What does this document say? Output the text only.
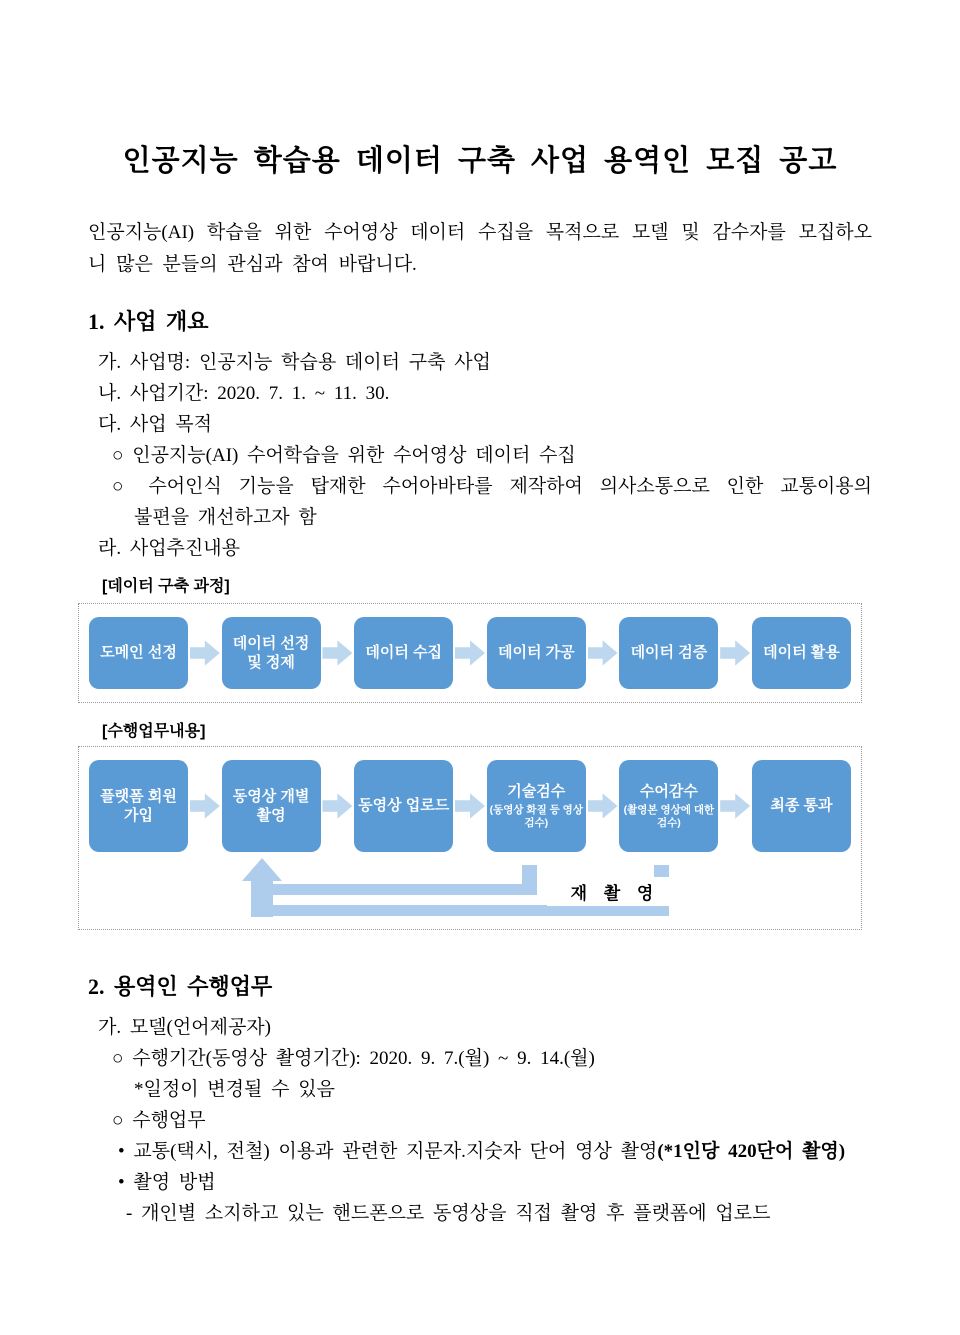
인공지능 학습용 데이터 구축 사업 용역인 모집 공고
인공지능(AI) 학습을 위한 수어영상 데이터 수집을 목적으로 모델 및 감수자를 모집하오
니 많은 분들의 관심과 참여 바랍니다.
1. 사업 개요
가. 사업명: 인공지능 학습용 데이터 구축 사업
나. 사업기간: 2020. 7. 1. ~ 11. 30.
다. 사업 목적
○ 인공지능(AI) 수어학습을 위한 수어영상 데이터 수집
○ 수어인식 기능을 탑재한 수어아바타를 제작하여 의사소통으로 인한 교통이용의
불편을 개선하고자 함
라. 사업추진내용
[데이터 구축 과정]
도메인 선정
데이터 선정 및 정제
데이터 수집	데이터 가공	데이터 검증	데이터 활용
[수행업무내용]
플랫폼 회원 가입
동영상 개별 촬영
동영상 업로드
기술검수
(동영상 화질 등 영상검수)
수어감수
(촬영본 영상에 대한 검수)
최종 통과
재 촬 영
2. 용역인 수행업무
가. 모델(언어제공자)
○ 수행기간(동영상 촬영기간): 2020. 9. 7.(월) ~ 9. 14.(월)
*일정이 변경될 수 있음
○ 수행업무
• 교통(택시, 전철) 이용과 관련한 지문자.지숫자 단어 영상 촬영(*1인당 420단어 촬영)
• 촬영 방법
- 개인별 소지하고 있는 핸드폰으로 동영상을 직접 촬영 후 플랫폼에 업로드
